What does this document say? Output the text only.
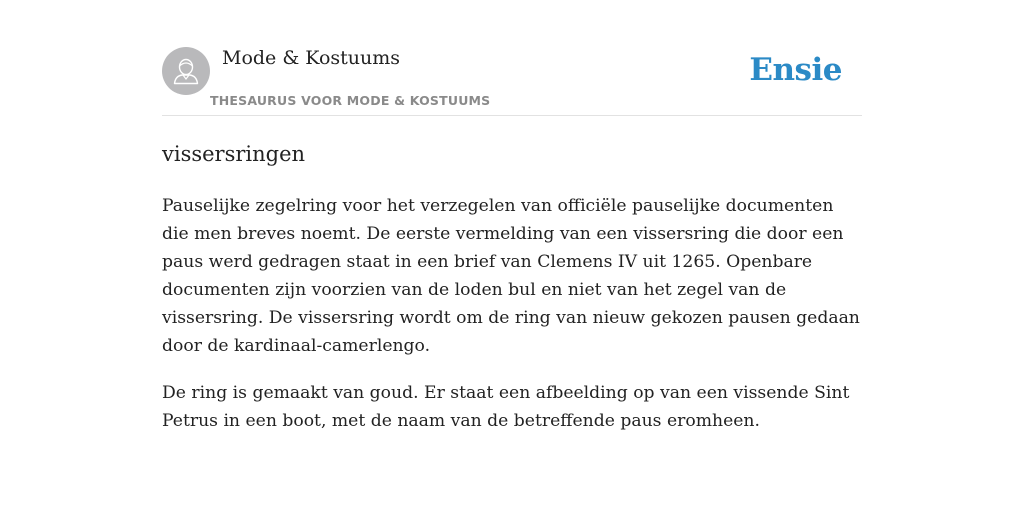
Mode & Kostuums
THESAURUS VOOR MODE & KOSTUUMS
Ensie
vissersringen

Pauselijke zegelring voor het verzegelen van officiële pauselijke documenten die men breves noemt. De eerste vermelding van een vissersring die door een paus werd gedragen staat in een brief van Clemens IV uit 1265. Openbare documenten zijn voorzien van de loden bul en niet van het zegel van de vissersring. De vissersring wordt om de ring van nieuw gekozen pausen gedaan door de kardinaal-camerlengo.

De ring is gemaakt van goud. Er staat een afbeelding op van een vissende Sint Petrus in een boot, met de naam van de betreffende paus eromheen.
